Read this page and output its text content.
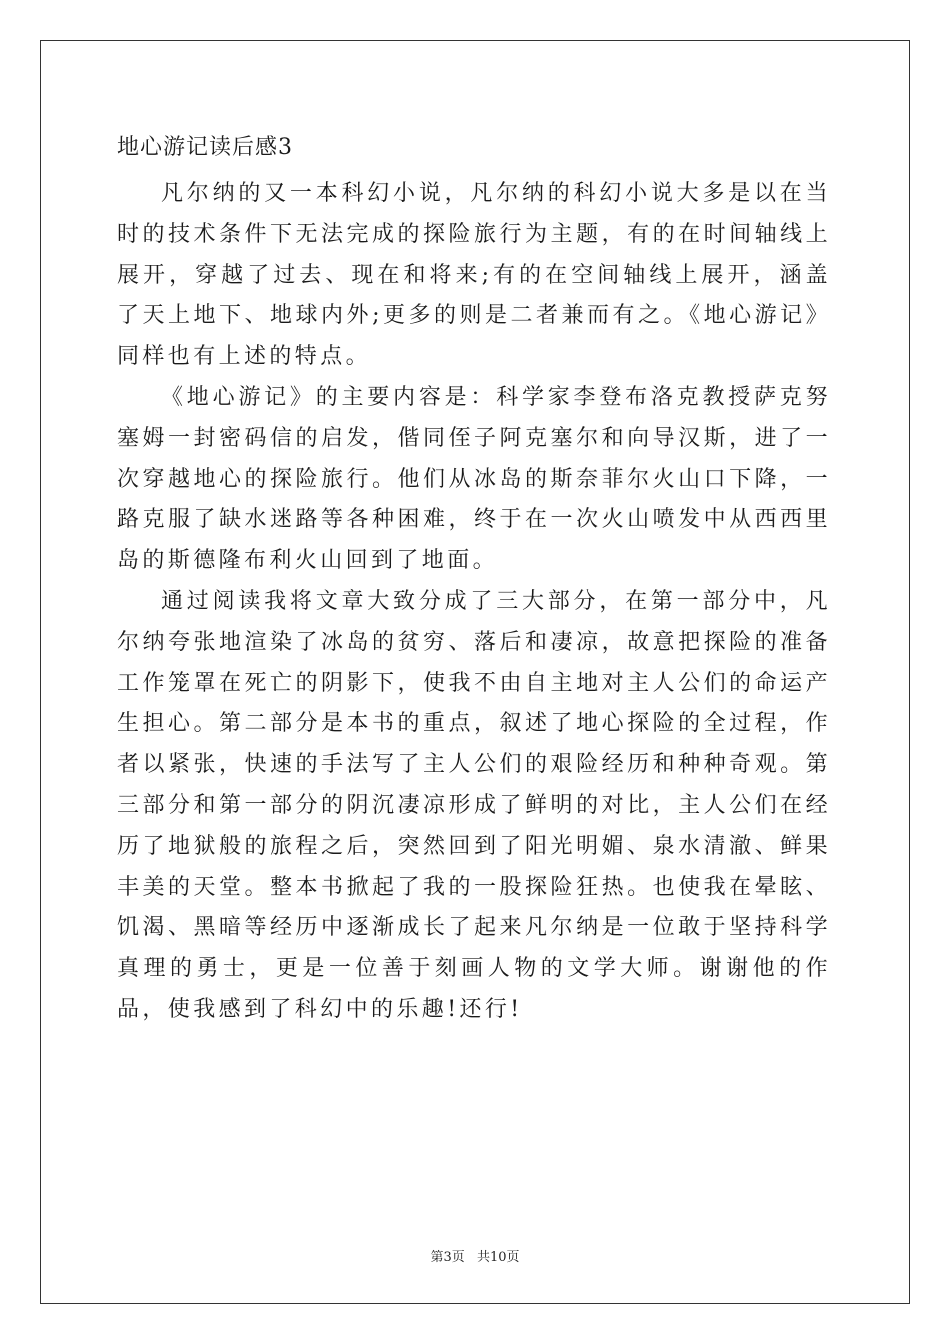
地心游记读后感3

凡尔纳的又一本科幻小说，凡尔纳的科幻小说大多是以在当时的技术条件下无法完成的探险旅行为主题，有的在时间轴线上展开，穿越了过去、现在和将来;有的在空间轴线上展开，涵盖了天上地下、地球内外;更多的则是二者兼而有之。《地心游记》同样也有上述的特点。

《地心游记》的主要内容是：科学家李登布洛克教授萨克努塞姆一封密码信的启发，偕同侄子阿克塞尔和向导汉斯，进了一次穿越地心的探险旅行。他们从冰岛的斯奈菲尔火山口下降，一路克服了缺水迷路等各种困难，终于在一次火山喷发中从西西里岛的斯德隆布利火山回到了地面。

通过阅读我将文章大致分成了三大部分，在第一部分中，凡尔纳夸张地渲染了冰岛的贫穷、落后和凄凉，故意把探险的准备工作笼罩在死亡的阴影下，使我不由自主地对主人公们的命运产生担心。第二部分是本书的重点，叙述了地心探险的全过程，作者以紧张，快速的手法写了主人公们的艰险经历和种种奇观。第三部分和第一部分的阴沉凄凉形成了鲜明的对比，主人公们在经历了地狱般的旅程之后，突然回到了阳光明媚、泉水清澈、鲜果丰美的天堂。整本书掀起了我的一股探险狂热。也使我在晕眩、饥渴、黑暗等经历中逐渐成长了起来凡尔纳是一位敢于坚持科学真理的勇士，更是一位善于刻画人物的文学大师。谢谢他的作品，使我感到了科幻中的乐趣!还行!

第3页 共10页
